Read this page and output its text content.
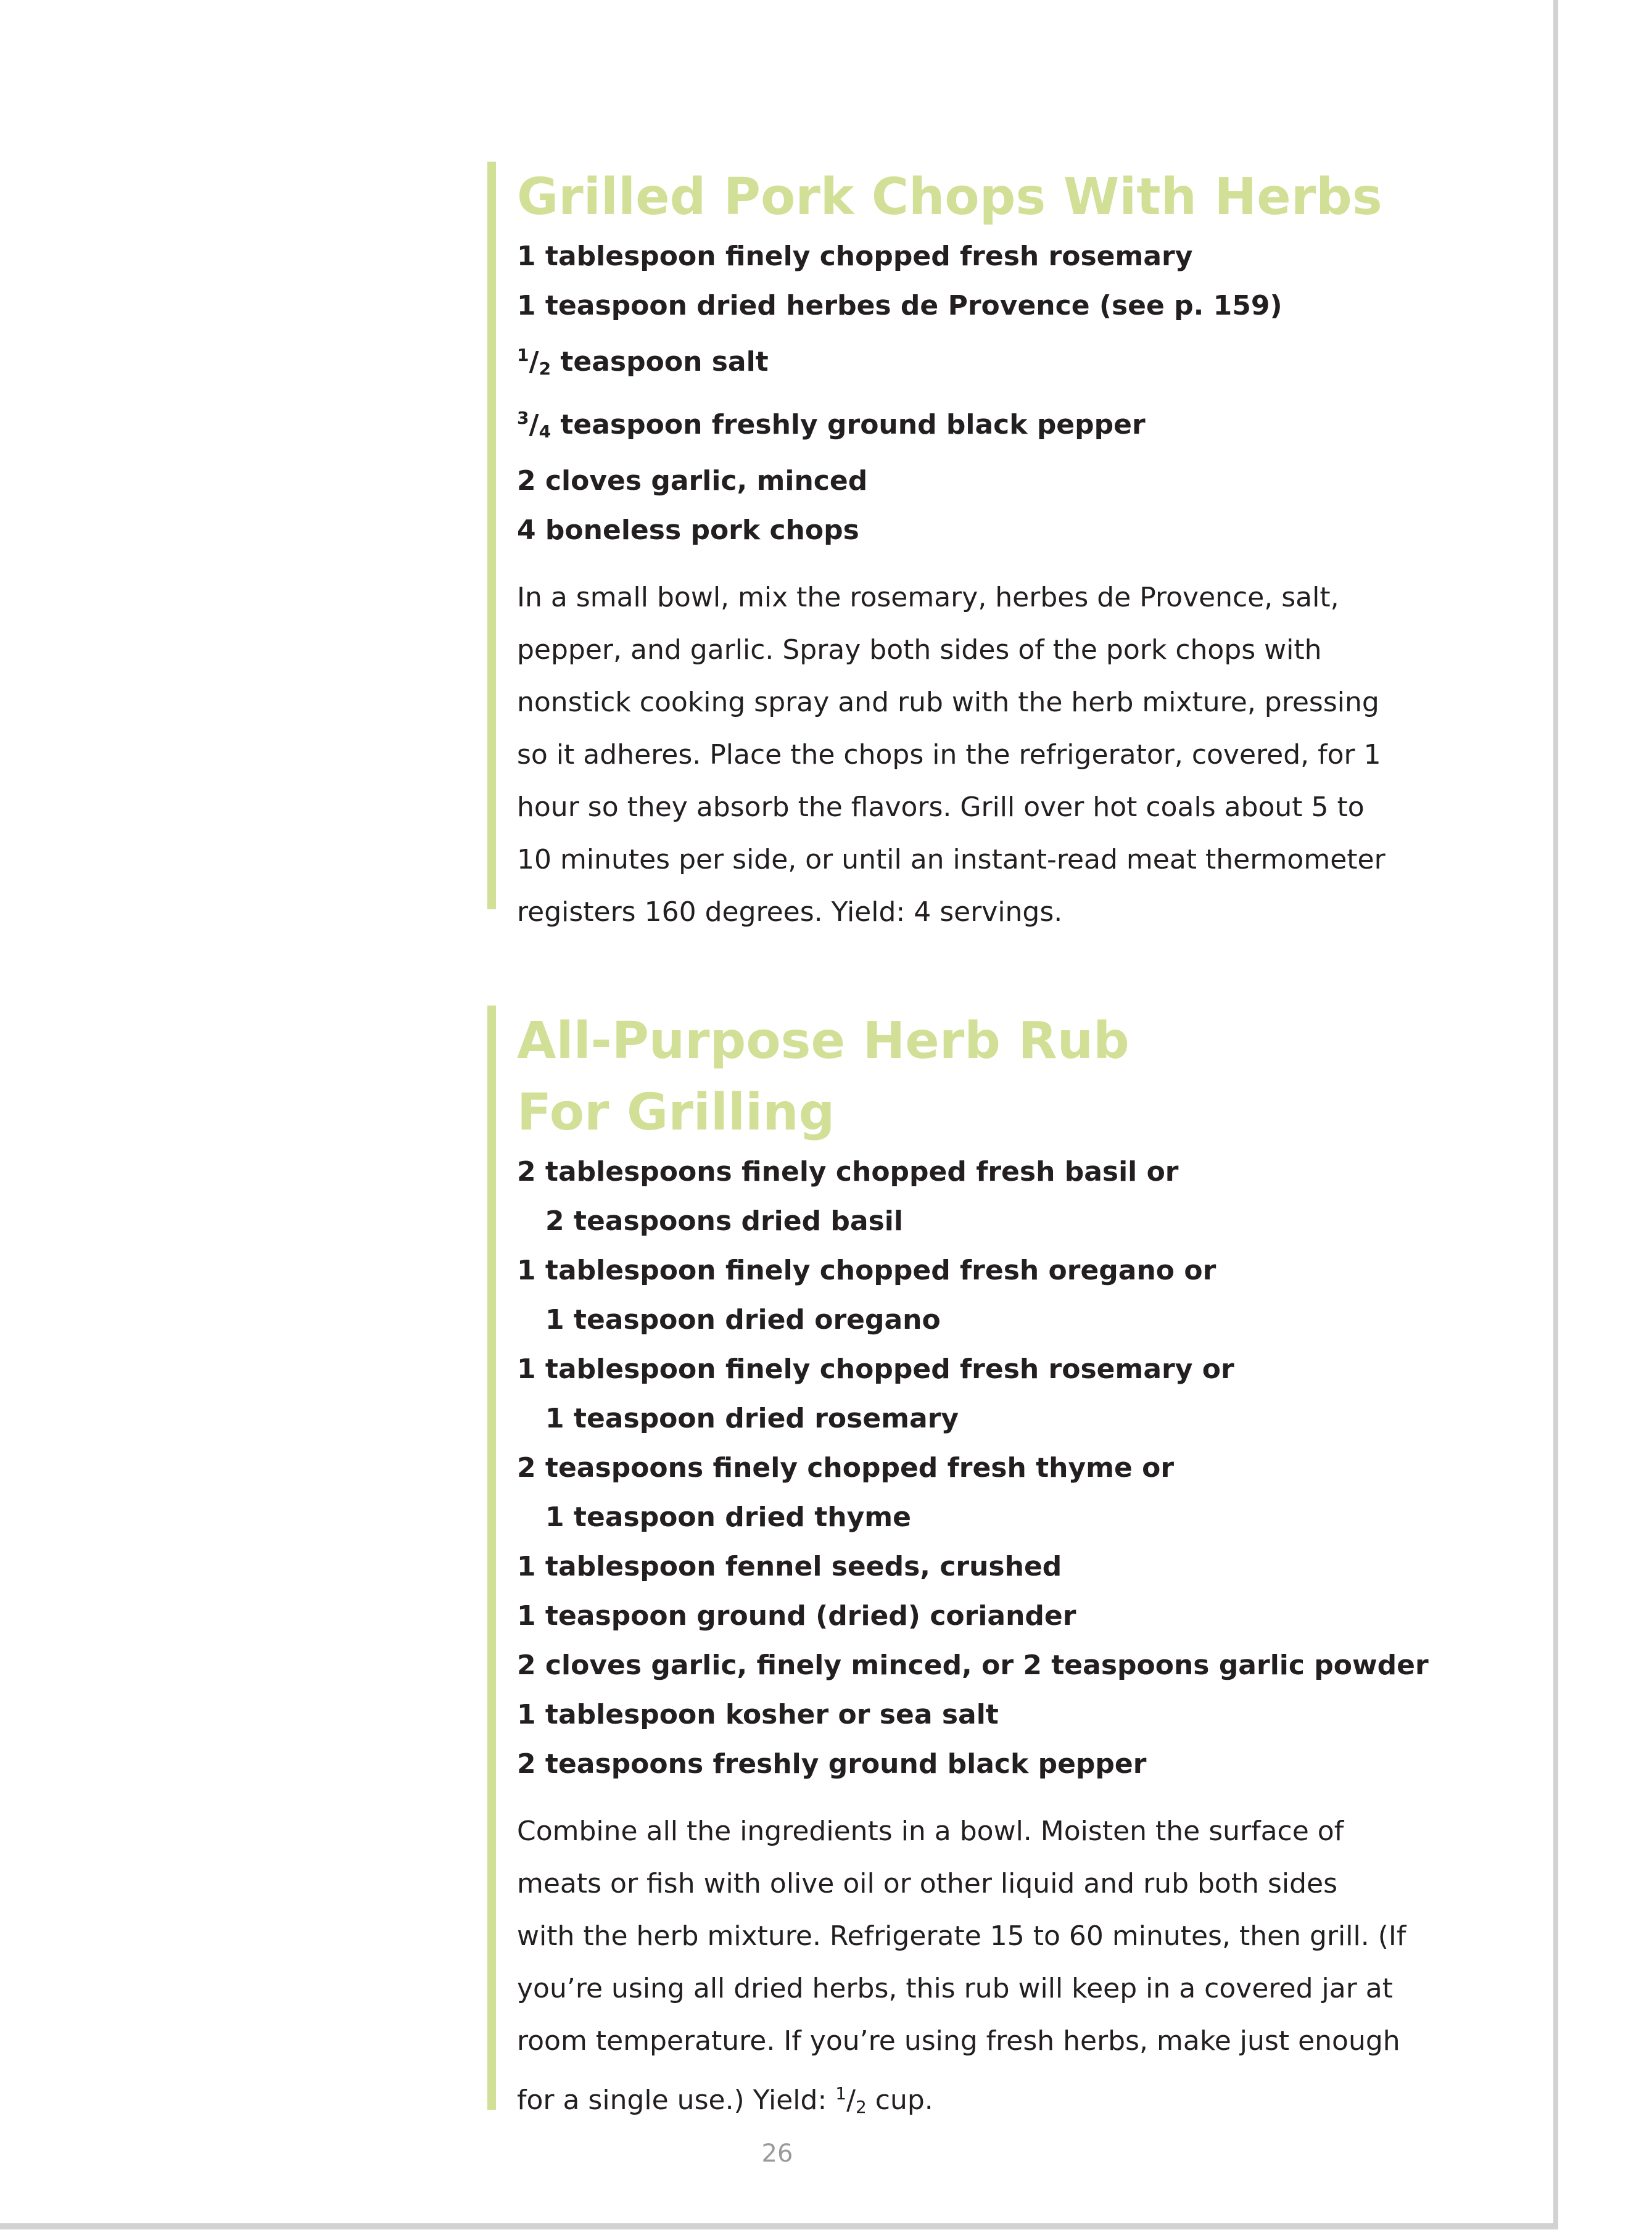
Grilled Pork Chops With Herbs
1 tablespoon finely chopped fresh rosemary
1 teaspoon dried herbes de Provence (see p. 159)
1/2 teaspoon salt
3/4 teaspoon freshly ground black pepper
2 cloves garlic, minced
4 boneless pork chops

In a small bowl, mix the rosemary, herbes de Provence, salt,
pepper, and garlic. Spray both sides of the pork chops with
nonstick cooking spray and rub with the herb mixture, pressing
so it adheres. Place the chops in the refrigerator, covered, for 1
hour so they absorb the flavors. Grill over hot coals about 5 to
10 minutes per side, or until an instant-read meat thermometer
registers 160 degrees. Yield: 4 servings.

All-Purpose Herb Rub
For Grilling
2 tablespoons finely chopped fresh basil or
2 teaspoons dried basil
1 tablespoon finely chopped fresh oregano or
1 teaspoon dried oregano
1 tablespoon finely chopped fresh rosemary or
1 teaspoon dried rosemary
2 teaspoons finely chopped fresh thyme or
1 teaspoon dried thyme
1 tablespoon fennel seeds, crushed
1 teaspoon ground (dried) coriander
2 cloves garlic, finely minced, or 2 teaspoons garlic powder
1 tablespoon kosher or sea salt
2 teaspoons freshly ground black pepper

Combine all the ingredients in a bowl. Moisten the surface of
meats or fish with olive oil or other liquid and rub both sides
with the herb mixture. Refrigerate 15 to 60 minutes, then grill. (If
you’re using all dried herbs, this rub will keep in a covered jar at
room temperature. If you’re using fresh herbs, make just enough
for a single use.) Yield: 1/2 cup.

26
